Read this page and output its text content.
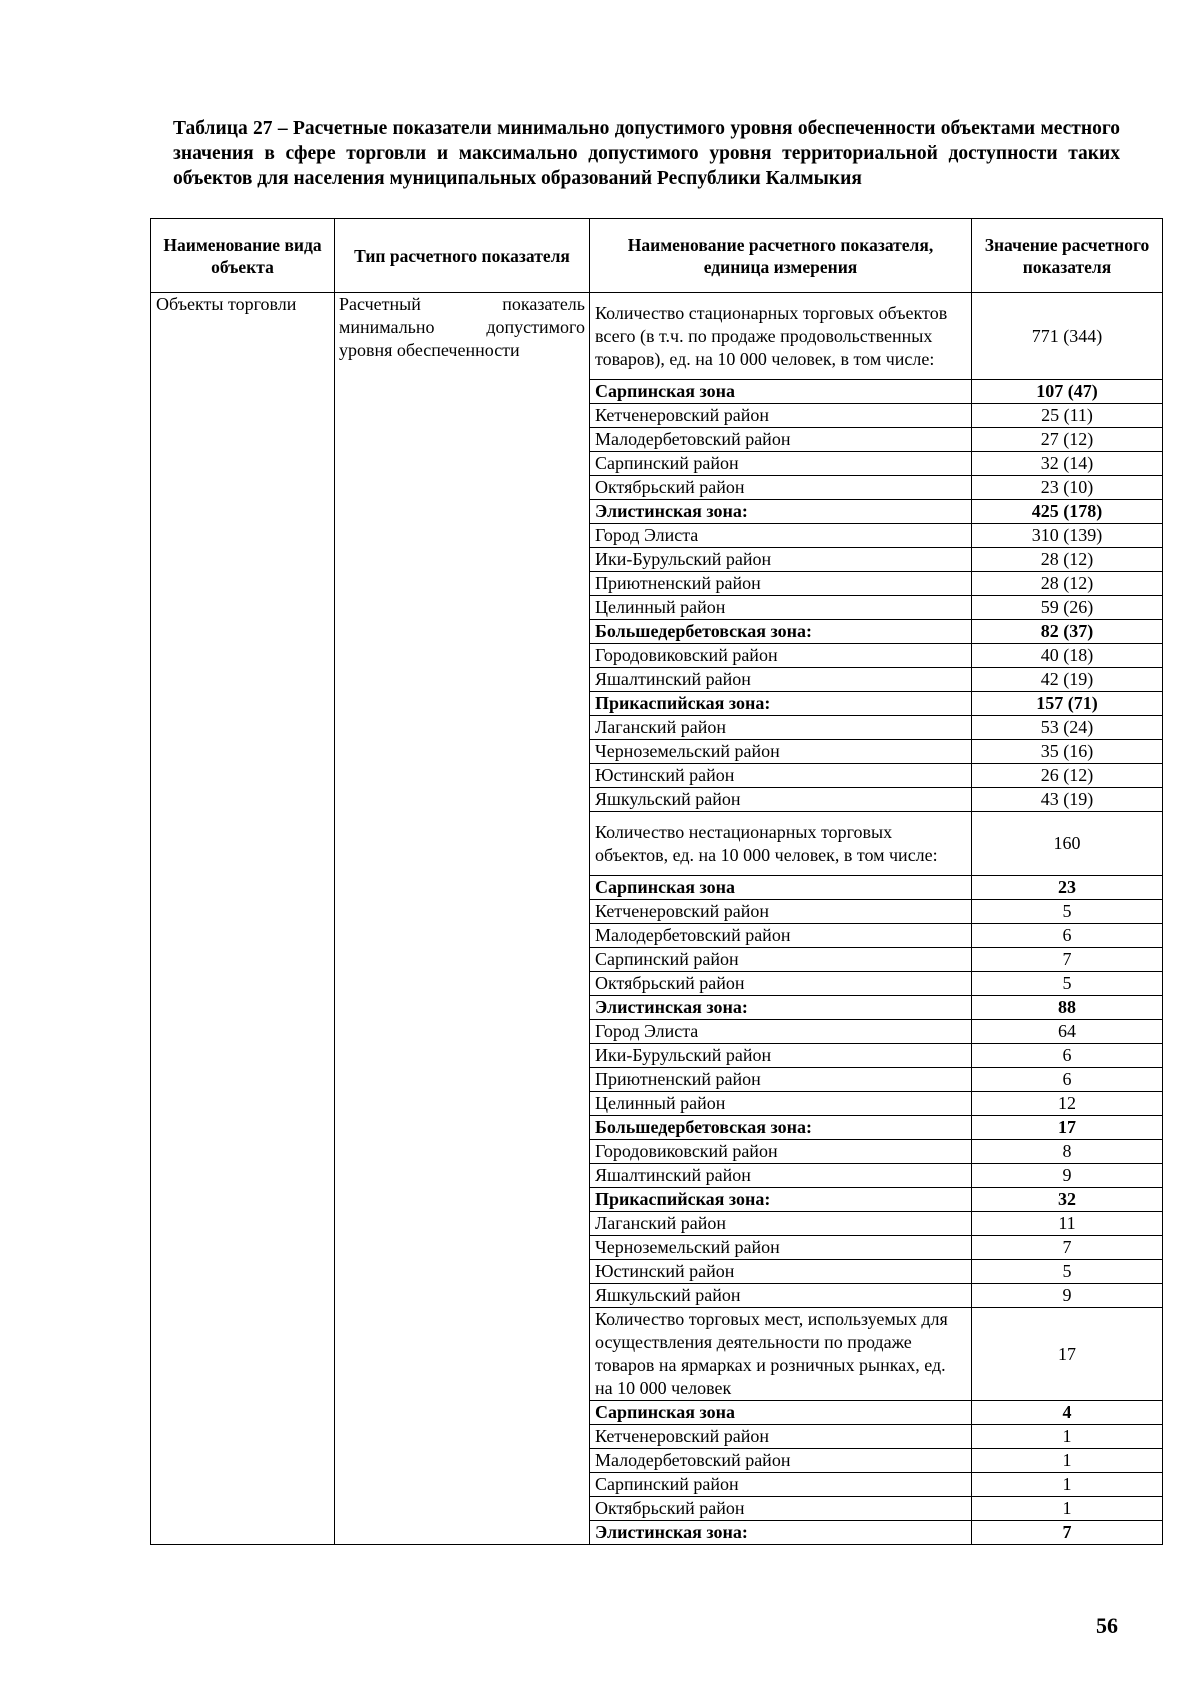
Таблица 27 – Расчетные показатели минимально допустимого уровня обеспеченности объектами местного значения в сфере торговли и максимально допустимого уровня территориальной доступности таких объектов для населения муниципальных образований Республики Калмыкия
Наименование вида объекта	Тип расчетного показателя	Наименование расчетного показателя, единица измерения	Значение расчетного показателя
Объекты торговли	Расчетный показатель минимально допустимого уровня обеспеченности	Количество стационарных торговых объектов всего (в т.ч. по продаже продовольственных товаров), ед. на 10 000 человек, в том числе:	771 (344)
		Сарпинская зона	107 (47)
		Кетченеровский район	25 (11)
		Малодербетовский район	27 (12)
		Сарпинский район	32 (14)
		Октябрьский район	23 (10)
		Элистинская зона:	425 (178)
		Город Элиста	310 (139)
		Ики-Бурульский район	28 (12)
		Приютненский район	28 (12)
		Целинный район	59 (26)
		Большедербетовская зона:	82 (37)
		Городовиковский район	40 (18)
		Яшалтинский район	42 (19)
		Прикаспийская зона:	157 (71)
		Лаганский район	53 (24)
		Черноземельский район	35 (16)
		Юстинский район	26 (12)
		Яшкульский район	43 (19)
		Количество нестационарных торговых объектов, ед. на 10 000 человек, в том числе:	160
		Сарпинская зона	23
		Кетченеровский район	5
		Малодербетовский район	6
		Сарпинский район	7
		Октябрьский район	5
		Элистинская зона:	88
		Город Элиста	64
		Ики-Бурульский район	6
		Приютненский район	6
		Целинный район	12
		Большедербетовская зона:	17
		Городовиковский район	8
		Яшалтинский район	9
		Прикаспийская зона:	32
		Лаганский район	11
		Черноземельский район	7
		Юстинский район	5
		Яшкульский район	9
		Количество торговых мест, используемых для осуществления деятельности по продаже товаров на ярмарках и розничных рынках, ед. на 10 000 человек	17
		Сарпинская зона	4
		Кетченеровский район	1
		Малодербетовский район	1
		Сарпинский район	1
		Октябрьский район	1
		Элистинская зона:	7
56
